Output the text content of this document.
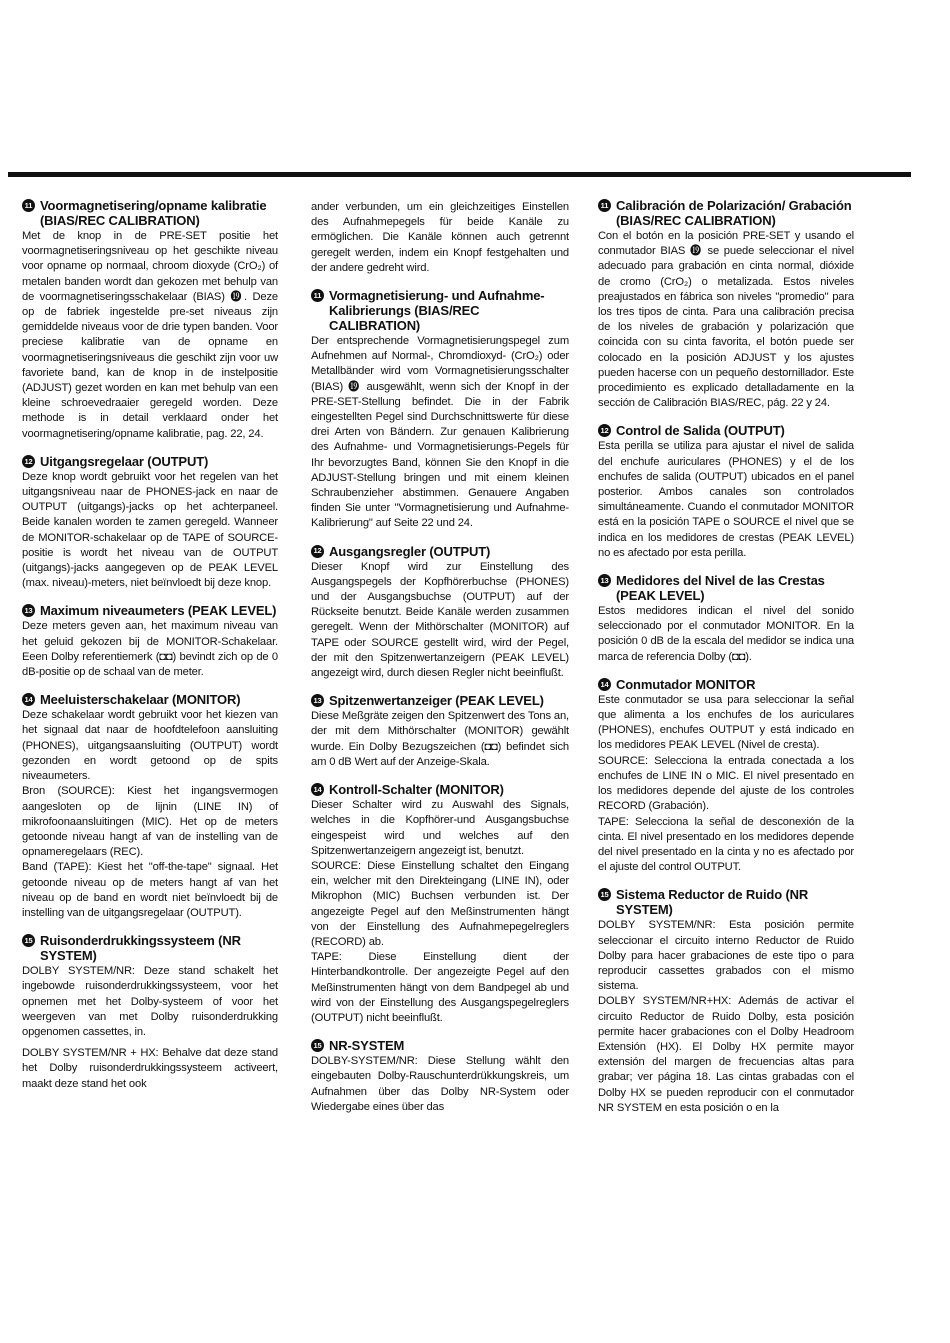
11 Voormagnetisering/opname kalibratie (BIAS/REC CALIBRATION)

Met de knop in de PRE-SET positie het voormagnetiseringsniveau op het geschikte niveau voor opname op normaal, chroom dioxyde (CrO₂) of metalen banden wordt dan gekozen met behulp van de voormagnetiseringsschakelaar (BIAS) ⓳. Deze op de fabriek ingestelde pre-set niveaus zijn gemiddelde niveaus voor de drie typen banden. Voor preciese kalibratie van de opname en voormagnetiseringsniveaus die geschikt zijn voor uw favoriete band, kan de knop in de instelpositie (ADJUST) gezet worden en kan met behulp van een kleine schroevedraaier geregeld worden. Deze methode is in detail verklaard onder het voormagnetisering/opname kalibratie, pag. 22, 24.

12 Uitgangsregelaar (OUTPUT)

Deze knop wordt gebruikt voor het regelen van het uitgangsniveau naar de PHONES-jack en naar de OUTPUT (uitgangs)-jacks op het achterpaneel. Beide kanalen worden te zamen geregeld. Wanneer de MONITOR-schakelaar op de TAPE of SOURCE-positie is wordt het niveau van de OUTPUT (uitgangs)-jacks aangegeven op de PEAK LEVEL (max. niveau)-meters, niet beïnvloedt bij deze knop.

13 Maximum niveaumeters (PEAK LEVEL)

Deze meters geven aan, het maximum niveau van het geluid gekozen bij de MONITOR-Schakelaar. Eeen Dolby referentiemerk (◘◘) bevindt zich op de 0 dB-positie op de schaal van de meter.

14 Meeluisterschakelaar (MONITOR)

Deze schakelaar wordt gebruikt voor het kiezen van het signaal dat naar de hoofdtelefoon aansluiting (PHONES), uitgangsaansluiting (OUTPUT) wordt gezonden en wordt getoond op de spits niveaumeters.

Bron (SOURCE): Kiest het ingangsvermogen aangesloten op de lijnin (LINE IN) of mikrofoonaansluitingen (MIC). Het op de meters getoonde niveau hangt af van de instelling van de opnameregelaars (REC).

Band (TAPE): Kiest het "off-the-tape" signaal. Het getoonde niveau op de meters hangt af van het niveau op de band en wordt niet beïnvloedt bij de instelling van de uitgangsregelaar (OUTPUT).

15 Ruisonderdrukkingssysteem (NR SYSTEM)

DOLBY SYSTEM/NR: Deze stand schakelt het ingebowde ruisonderdrukkingssysteem, voor het opnemen met het Dolby-systeem of voor het weergeven van met Dolby ruisonderdrukking opgenomen cassettes, in.

DOLBY SYSTEM/NR + HX: Behalve dat deze stand het Dolby ruisonderdrukkingssysteem activeert, maakt deze stand het ook

ander verbunden, um ein gleichzeitiges Einstellen des Aufnahmepegels für beide Kanäle zu ermöglichen. Die Kanäle können auch getrennt geregelt werden, indem ein Knopf festgehalten und der andere gedreht wird.

11 Vormagnetisierung- und Aufnahme-Kalibrierungs (BIAS/REC CALIBRATION)

Der entsprechende Vormagnetisierungspegel zum Aufnehmen auf Normal-, Chromdioxyd- (CrO₂) oder Metallbänder wird vom Vormagnetisierungsschalter (BIAS) ⓳ ausgewählt, wenn sich der Knopf in der PRE-SET-Stellung befindet. Die in der Fabrik eingestellten Pegel sind Durchschnittswerte für diese drei Arten von Bändern. Zur genauen Kalibrierung des Aufnahme- und Vormagnetisierungs-Pegels für Ihr bevorzugtes Band, können Sie den Knopf in die ADJUST-Stellung bringen und mit einem kleinen Schraubenzieher abstimmen. Genauere Angaben finden Sie unter "Vormagnetisierung und Aufnahme-Kalibrierung" auf Seite 22 und 24.

12 Ausgangsregler (OUTPUT)

Dieser Knopf wird zur Einstellung des Ausgangspegels der Kopfhörerbuchse (PHONES) und der Ausgangsbuchse (OUTPUT) auf der Rückseite benutzt. Beide Kanäle werden zusammen geregelt. Wenn der Mithörschalter (MONITOR) auf TAPE oder SOURCE gestellt wird, wird der Pegel, der mit den Spitzenwertanzeigern (PEAK LEVEL) angezeigt wird, durch diesen Regler nicht beeinflußt.

13 Spitzenwertanzeiger (PEAK LEVEL)

Diese Meßgräte zeigen den Spitzenwert des Tons an, der mit dem Mithörschalter (MONITOR) gewählt wurde. Ein Dolby Bezugszeichen (◘◘) befindet sich am 0 dB Wert auf der Anzeige-Skala.

14 Kontroll-Schalter (MONITOR)

Dieser Schalter wird zu Auswahl des Signals, welches in die Kopfhörer-und Ausgangsbuchse eingespeist wird und welches auf den Spitzenwertanzeigern angezeigt ist, benutzt.

SOURCE: Diese Einstellung schaltet den Eingang ein, welcher mit den Direkteingang (LINE IN), oder Mikrophon (MIC) Buchsen verbunden ist. Der angezeigte Pegel auf den Meßinstrumenten hängt von der Einstellung des Aufnahmepegelreglers (RECORD) ab.

TAPE: Diese Einstellung dient der Hinterbandkontrolle. Der angezeigte Pegel auf den Meßinstrumenten hängt von dem Bandpegel ab und wird von der Einstellung des Ausgangspegelreglers (OUTPUT) nicht beeinflußt.

15 NR-SYSTEM

DOLBY-SYSTEM/NR: Diese Stellung wählt den eingebauten Dolby-Rauschunterdrükkungskreis, um Aufnahmen über das Dolby NR-System oder Wiedergabe eines über das

11 Calibración de Polarización/ Grabación (BIAS/REC CALIBRATION)

Con el botón en la posición PRE-SET y usando el conmutador BIAS ⓳ se puede seleccionar el nivel adecuado para grabación en cinta normal, dióxide de cromo (CrO₂) o metalizada. Estos niveles preajustados en fábrica son niveles "promedio" para los tres tipos de cinta. Para una calibración precisa de los niveles de grabación y polarización que coincida con su cinta favorita, el botón puede ser colocado en la posición ADJUST y los ajustes pueden hacerse con un pequeño destornillador. Este procedimiento es explicado detalladamente en la sección de Calibración BIAS/REC, pág. 22 y 24.

12 Control de Salida (OUTPUT)

Esta perilla se utiliza para ajustar el nivel de salida del enchufe auriculares (PHONES) y el de los enchufes de salida (OUTPUT) ubicados en el panel posterior. Ambos canales son controlados simultáneamente. Cuando el conmutador MONITOR está en la posición TAPE o SOURCE el nivel que se indica en los medidores de crestas (PEAK LEVEL) no es afectado por esta perilla.

13 Medidores del Nivel de las Crestas (PEAK LEVEL)

Estos medidores indican el nivel del sonido seleccionado por el conmutador MONITOR. En la posición 0 dB de la escala del medidor se indica una marca de referencia Dolby (◘◘).

14 Conmutador MONITOR

Este conmutador se usa para seleccionar la señal que alimenta a los enchufes de los auriculares (PHONES), enchufes OUTPUT y está indicado en los medidores PEAK LEVEL (Nivel de cresta).

SOURCE: Selecciona la entrada conectada a los enchufes de LINE IN o MIC. El nivel presentado en los medidores depende del ajuste de los controles RECORD (Grabación).

TAPE: Selecciona la señal de desconexión de la cinta. El nivel presentado en los medidores depende del nivel presentado en la cinta y no es afectado por el ajuste del control OUTPUT.

15 Sistema Reductor de Ruido (NR SYSTEM)

DOLBY SYSTEM/NR: Esta posición permite seleccionar el circuito interno Reductor de Ruido Dolby para hacer grabaciones de este tipo o para reproducir cassettes grabados con el mismo sistema.

DOLBY SYSTEM/NR+HX: Además de activar el circuito Reductor de Ruido Dolby, esta posición permite hacer grabaciones con el Dolby Headroom Extensión (HX). El Dolby HX permite mayor extensión del margen de frecuencias altas para grabar; ver página 18. Las cintas grabadas con el Dolby HX se pueden reproducir con el conmutador NR SYSTEM en esta posición o en la
